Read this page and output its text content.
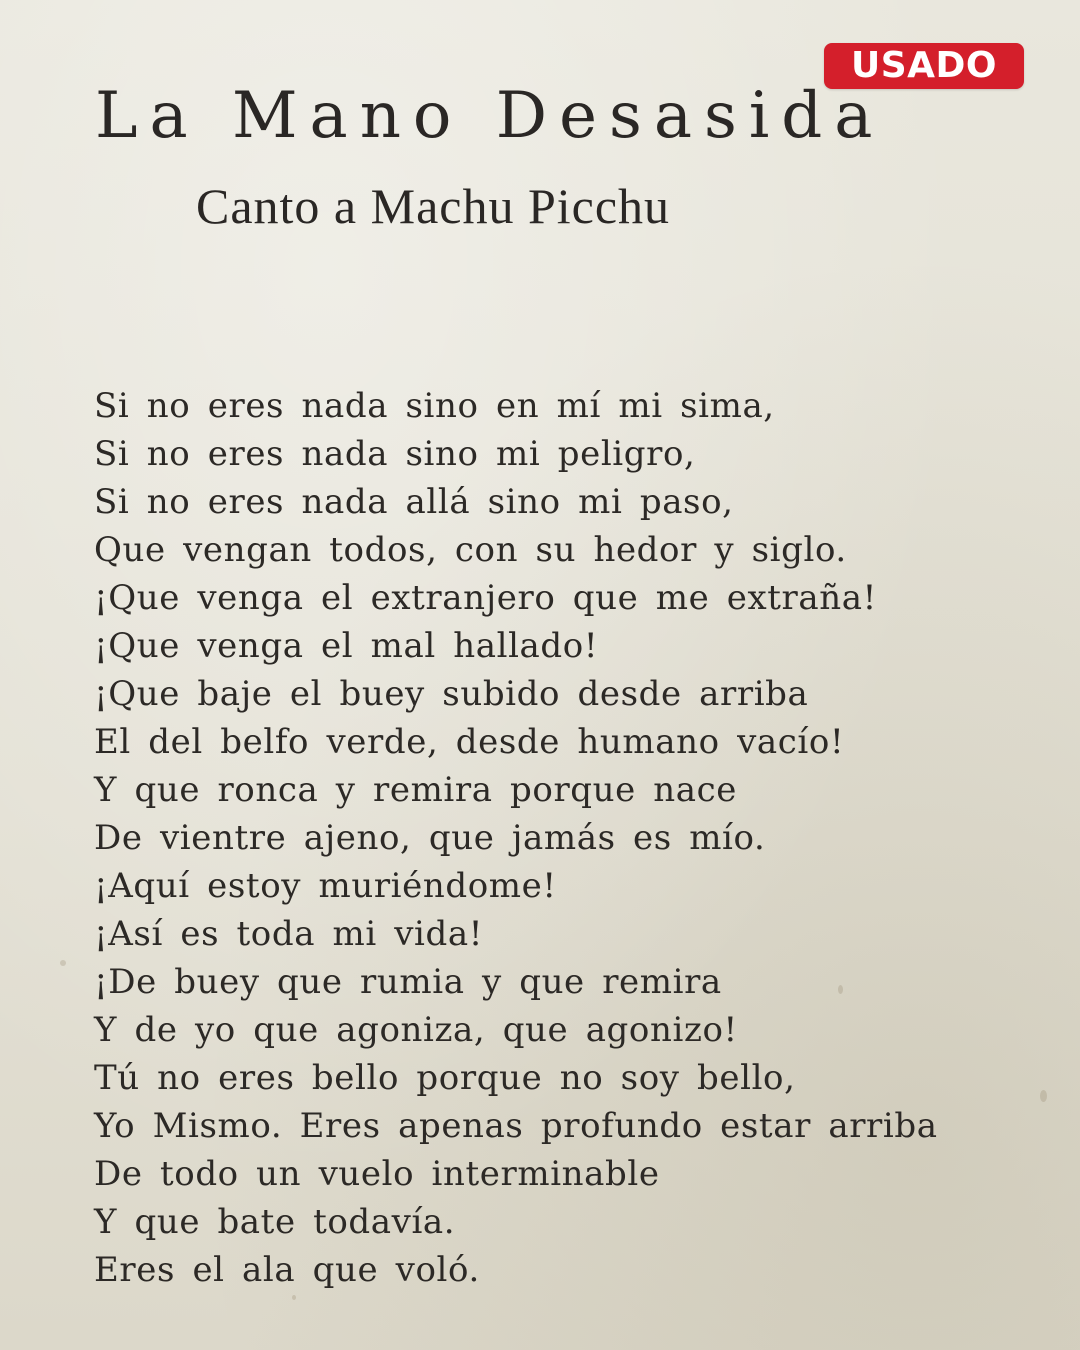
USADO
La Mano Desasida
Canto a Machu Picchu
Si no eres nada sino en mí mi sima,
Si no eres nada sino mi peligro,
Si no eres nada allá sino mi paso,
Que vengan todos, con su hedor y siglo.
¡Que venga el extranjero que me extraña!
¡Que venga el mal hallado!
¡Que baje el buey subido desde arriba
El del belfo verde, desde humano vacío!
Y que ronca y remira porque nace
De vientre ajeno, que jamás es mío.
¡Aquí estoy muriéndome!
¡Así es toda mi vida!
¡De buey que rumia y que remira
Y de yo que agoniza, que agonizo!
Tú no eres bello porque no soy bello,
Yo Mismo. Eres apenas profundo estar arriba
De todo un vuelo interminable
Y que bate todavía.
Eres el ala que voló.
